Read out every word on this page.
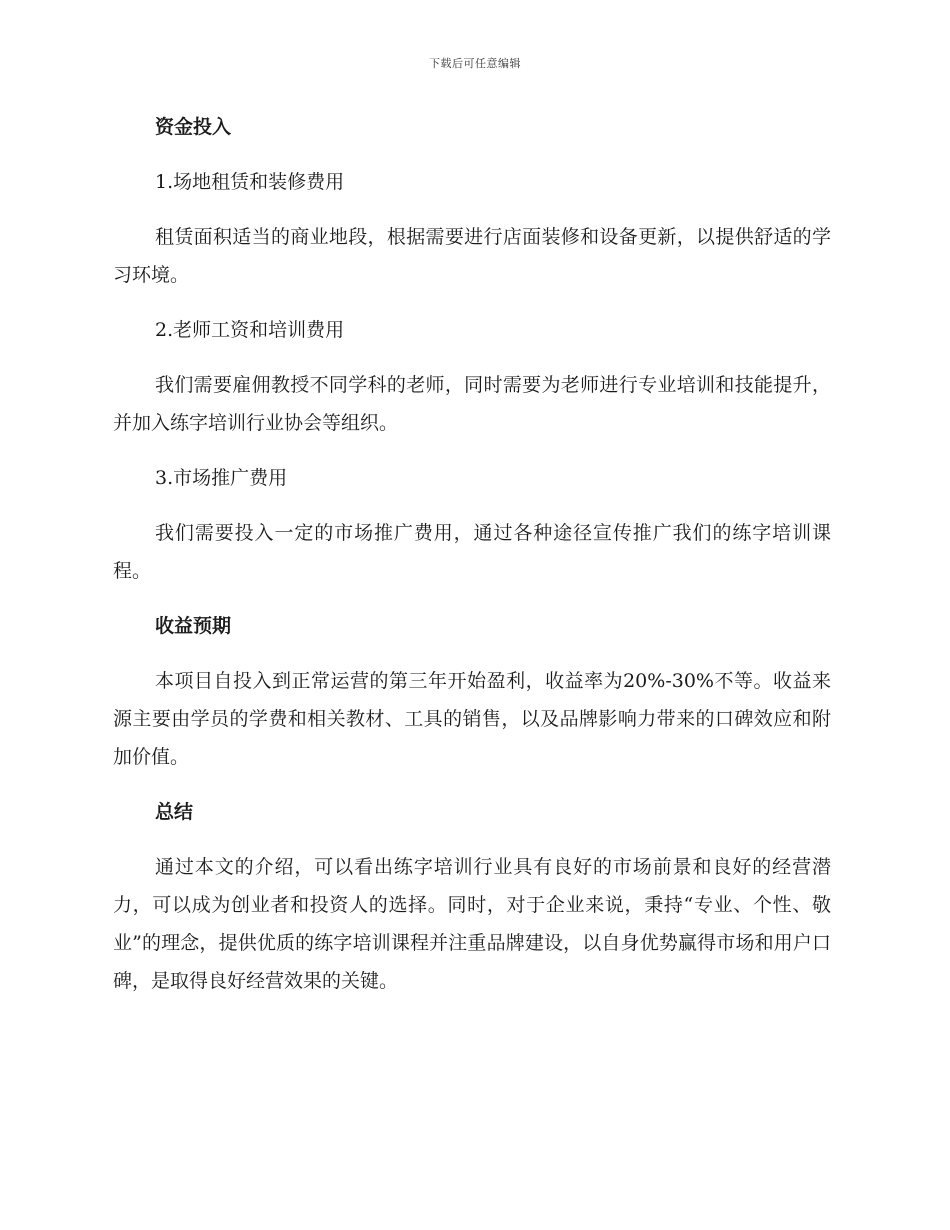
下载后可任意编辑
资金投入
1.场地租赁和装修费用
租赁面积适当的商业地段，根据需要进行店面装修和设备更新，以提供舒适的学习环境。
2.老师工资和培训费用
我们需要雇佣教授不同学科的老师，同时需要为老师进行专业培训和技能提升，并加入练字培训行业协会等组织。
3.市场推广费用
我们需要投入一定的市场推广费用，通过各种途径宣传推广我们的练字培训课程。
收益预期
本项目自投入到正常运营的第三年开始盈利，收益率为20%-30%不等。收益来源主要由学员的学费和相关教材、工具的销售，以及品牌影响力带来的口碑效应和附加价值。
总结
通过本文的介绍，可以看出练字培训行业具有良好的市场前景和良好的经营潜力，可以成为创业者和投资人的选择。同时，对于企业来说，秉持“专业、个性、敬业”的理念，提供优质的练字培训课程并注重品牌建设，以自身优势赢得市场和用户口碑，是取得良好经营效果的关键。
